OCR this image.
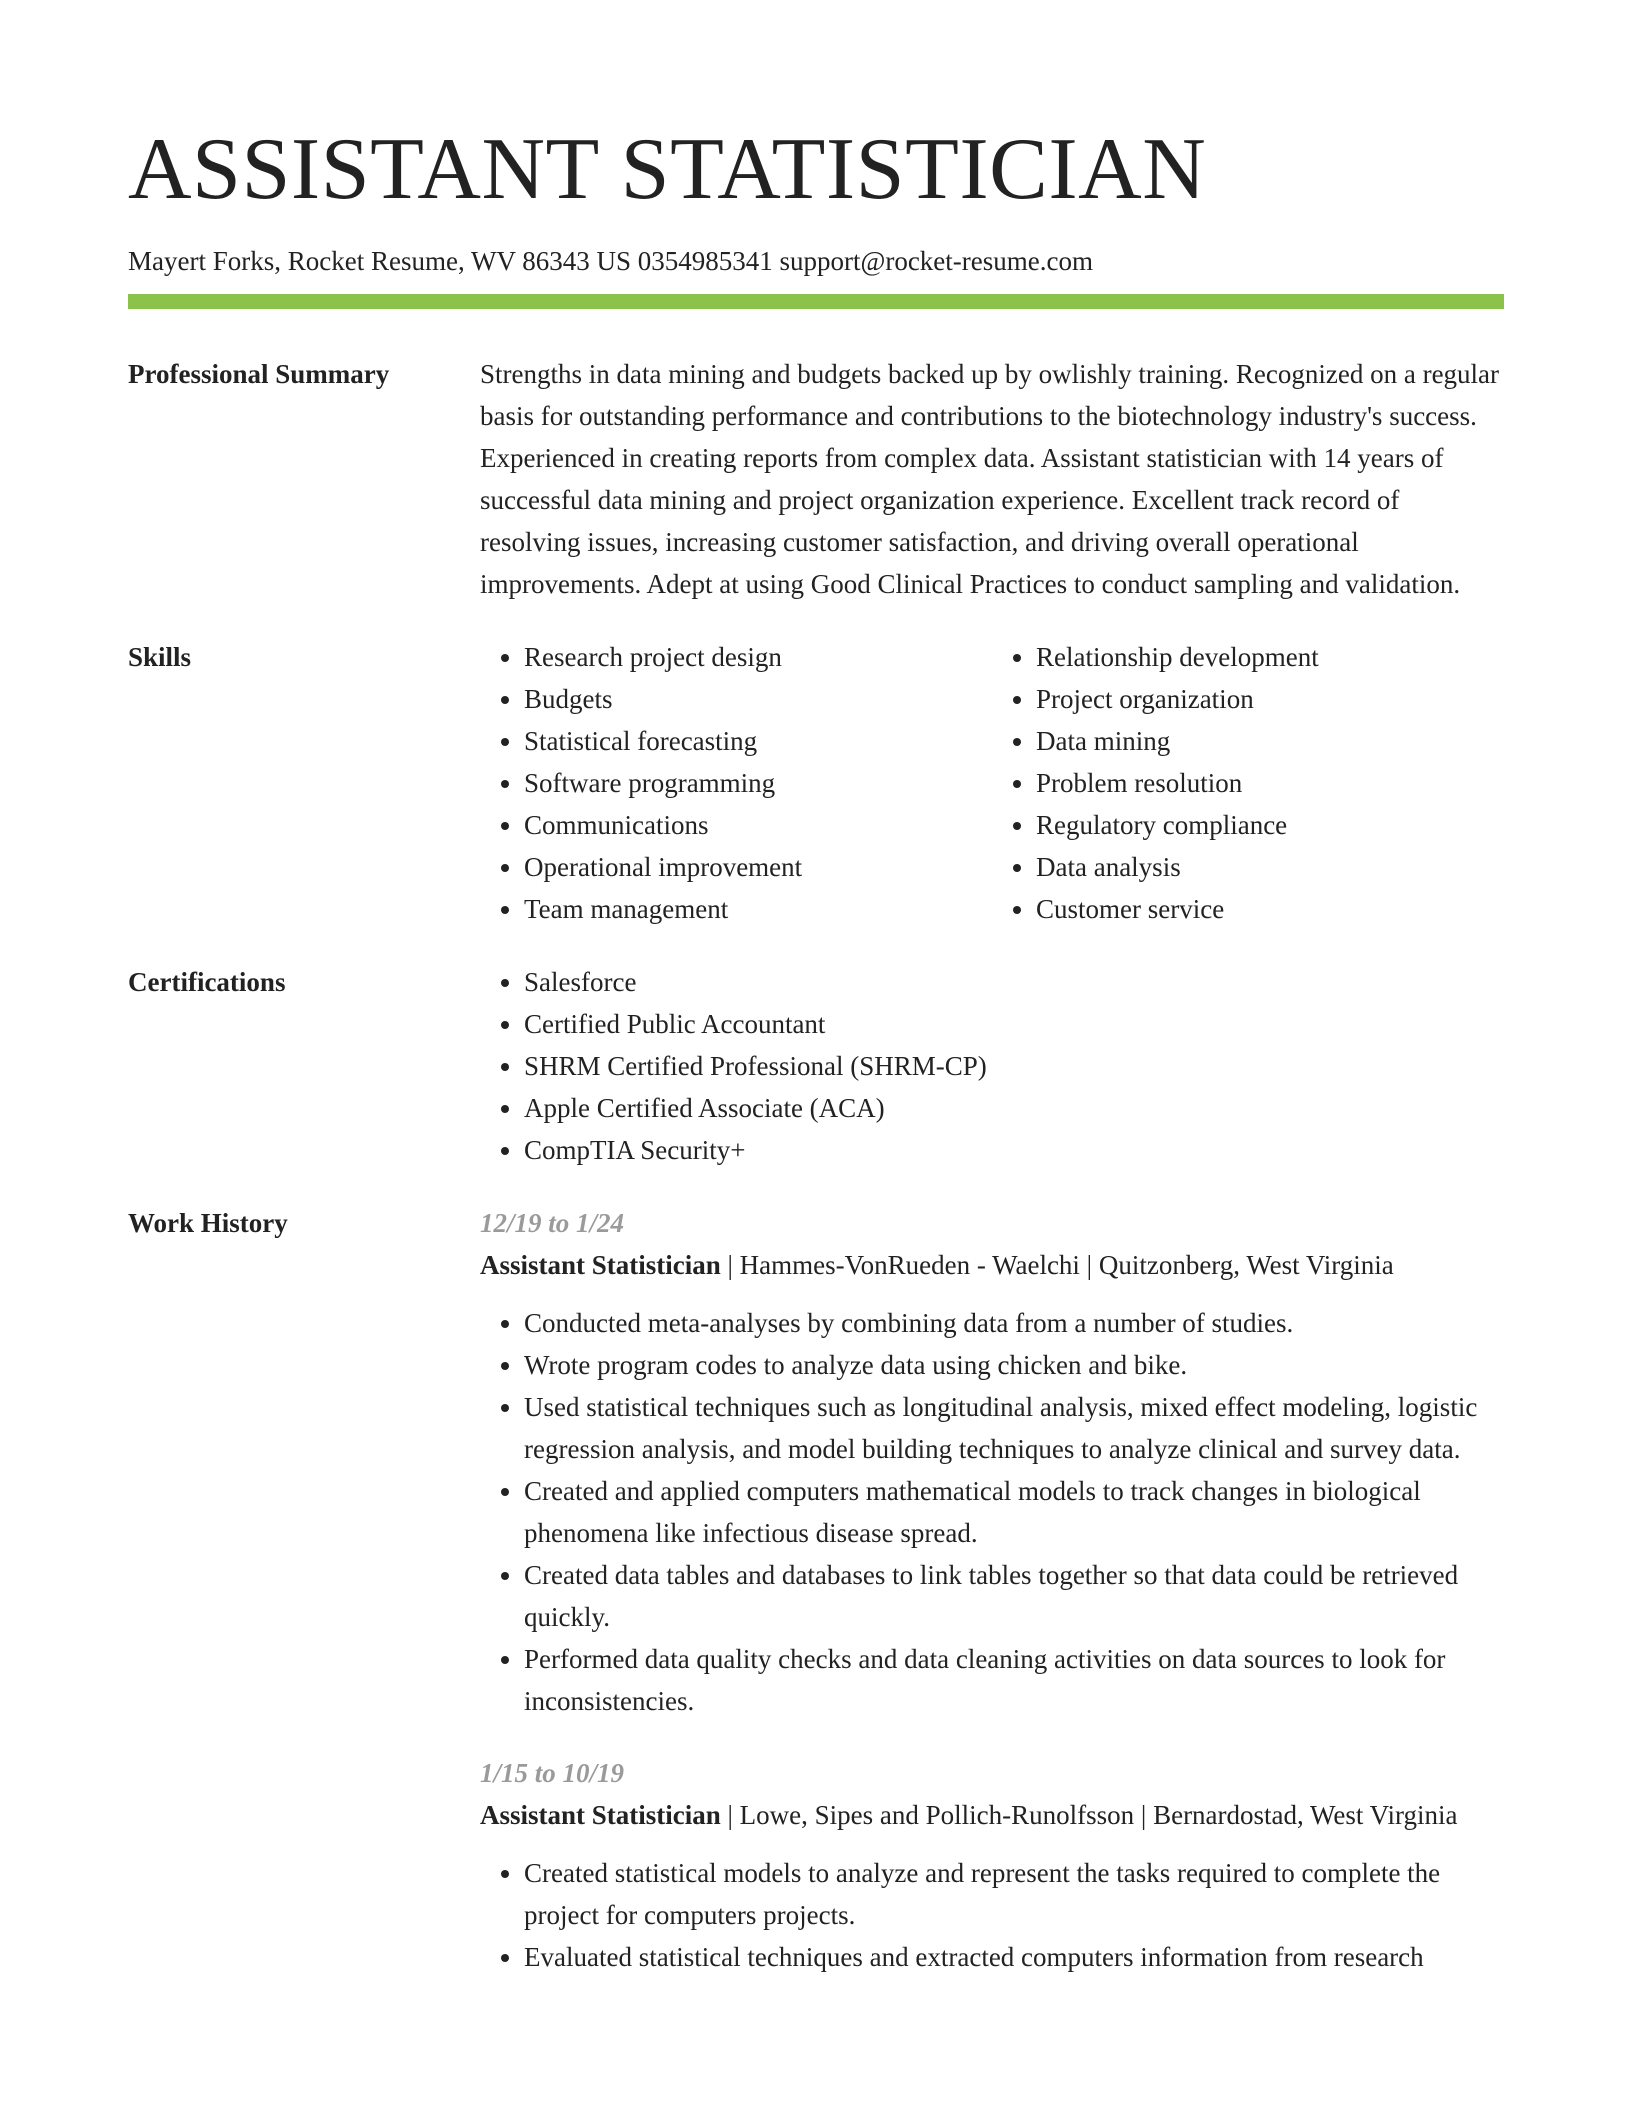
ASSISTANT STATISTICIAN
Mayert Forks, Rocket Resume, WV 86343 US 0354985341 support@rocket-resume.com
Professional Summary	Strengths in data mining and budgets backed up by owlishly training. Recognized on a regular basis for outstanding performance and contributions to the biotechnology industry's success. Experienced in creating reports from complex data. Assistant statistician with 14 years of successful data mining and project organization experience. Excellent track record of resolving issues, increasing customer satisfaction, and driving overall operational improvements. Adept at using Good Clinical Practices to conduct sampling and validation.

Skills	• Research project design
• Budgets
• Statistical forecasting
• Software programming
• Communications
• Operational improvement
• Team management
• Relationship development
• Project organization
• Data mining
• Problem resolution
• Regulatory compliance
• Data analysis
• Customer service
Certifications	• Salesforce
• Certified Public Accountant
• SHRM Certified Professional (SHRM-CP)
• Apple Certified Associate (ACA)
• CompTIA Security+
Work History	12/19 to 1/24
Assistant Statistician | Hammes-VonRueden - Waelchi | Quitzonberg, West Virginia
• Conducted meta-analyses by combining data from a number of studies.
• Wrote program codes to analyze data using chicken and bike.
• Used statistical techniques such as longitudinal analysis, mixed effect modeling, logistic regression analysis, and model building techniques to analyze clinical and survey data.
• Created and applied computers mathematical models to track changes in biological phenomena like infectious disease spread.
• Created data tables and databases to link tables together so that data could be retrieved quickly.
• Performed data quality checks and data cleaning activities on data sources to look for inconsistencies.
1/15 to 10/19
Assistant Statistician | Lowe, Sipes and Pollich-Runolfsson | Bernardostad, West Virginia
• Created statistical models to analyze and represent the tasks required to complete the project for computers projects.
• Evaluated statistical techniques and extracted computers information from research
